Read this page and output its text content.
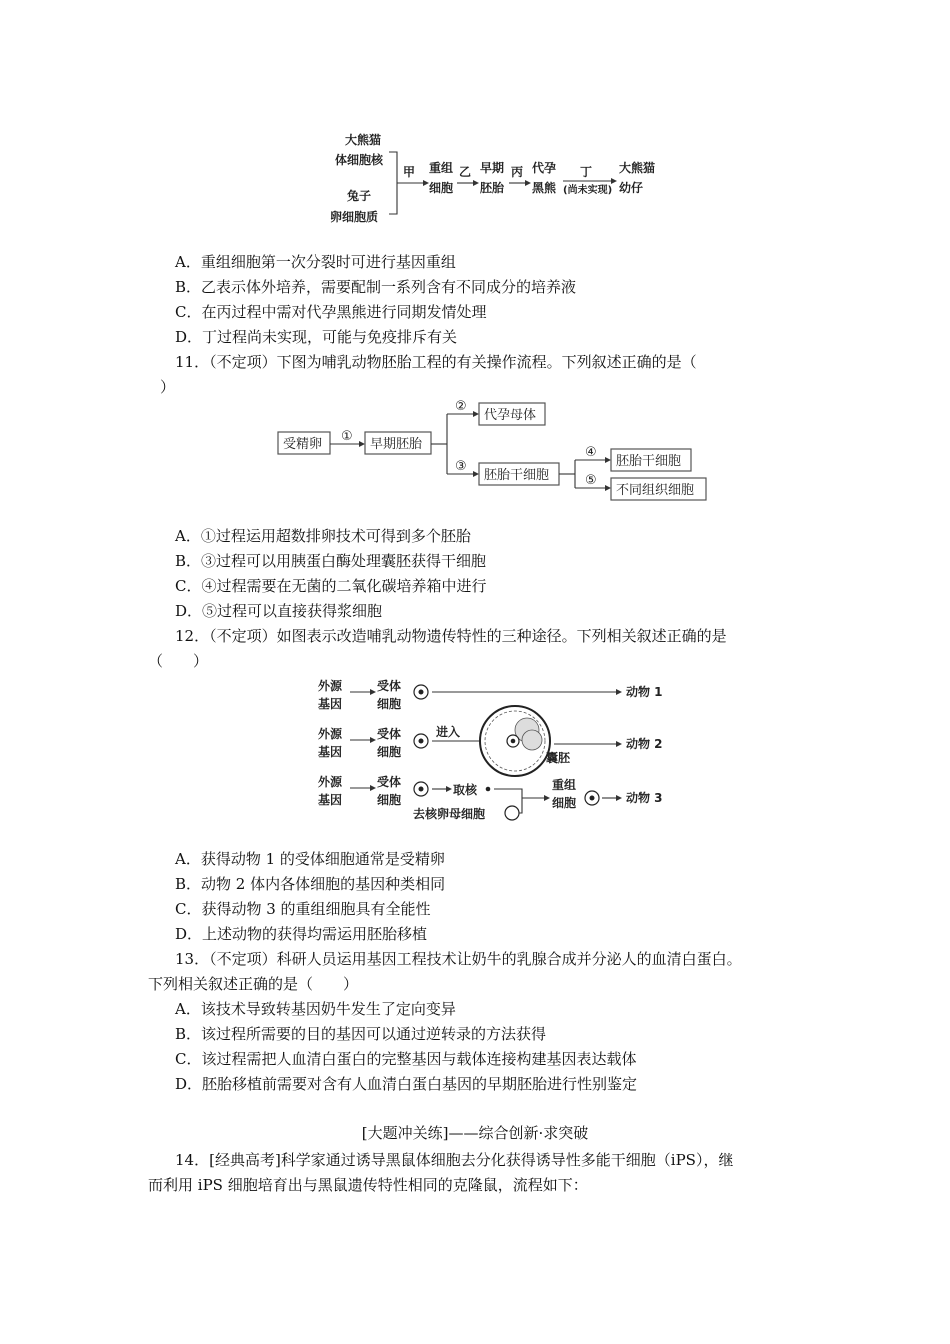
大熊猫
体细胞核
兔子
卵细胞质
甲 重组
细胞
乙 早期
胚胎
丙 代孕
黑熊
丁
(尚未实现)
大熊猫
幼仔
A．重组细胞第一次分裂时可进行基因重组
B．乙表示体外培养，需要配制一系列含有不同成分的培养液
C．在丙过程中需对代孕黑熊进行同期发情处理
D．丁过程尚未实现，可能与免疫排斥有关
11．（不定项）下图为哺乳动物胚胎工程的有关操作流程。下列叙述正确的是（
）
受精卵
①
早期胚胎
②
代孕母体
③
胚胎干细胞
④
胚胎干细胞
⑤
不同组织细胞
A．①过程运用超数排卵技术可得到多个胚胎
B．③过程可以用胰蛋白酶处理囊胚获得干细胞
C．④过程需要在无菌的二氧化碳培养箱中进行
D．⑤过程可以直接获得浆细胞
12．（不定项）如图表示改造哺乳动物遗传特性的三种途径。下列相关叙述正确的是
（　　）
外源
基因
受体
细胞
动物 1
外源
基因
受体
细胞
进入
囊胚
动物 2
外源
基因
受体
细胞
取核
去核卵母细胞
重组
细胞	动物 3
A．获得动物 1 的受体细胞通常是受精卵
B．动物 2 体内各体细胞的基因种类相同
C．获得动物 3 的重组细胞具有全能性
D．上述动物的获得均需运用胚胎移植
13．（不定项）科研人员运用基因工程技术让奶牛的乳腺合成并分泌人的血清白蛋白。
下列相关叙述正确的是（　　）
A．该技术导致转基因奶牛发生了定向变异
B．该过程所需要的目的基因可以通过逆转录的方法获得
C．该过程需把人血清白蛋白的完整基因与载体连接构建基因表达载体
D．胚胎移植前需要对含有人血清白蛋白基因的早期胚胎进行性别鉴定
[大题冲关练]——综合创新·求突破
14．[经典高考]科学家通过诱导黑鼠体细胞去分化获得诱导性多能干细胞（iPS），继
而利用 iPS 细胞培育出与黑鼠遗传特性相同的克隆鼠，流程如下：
